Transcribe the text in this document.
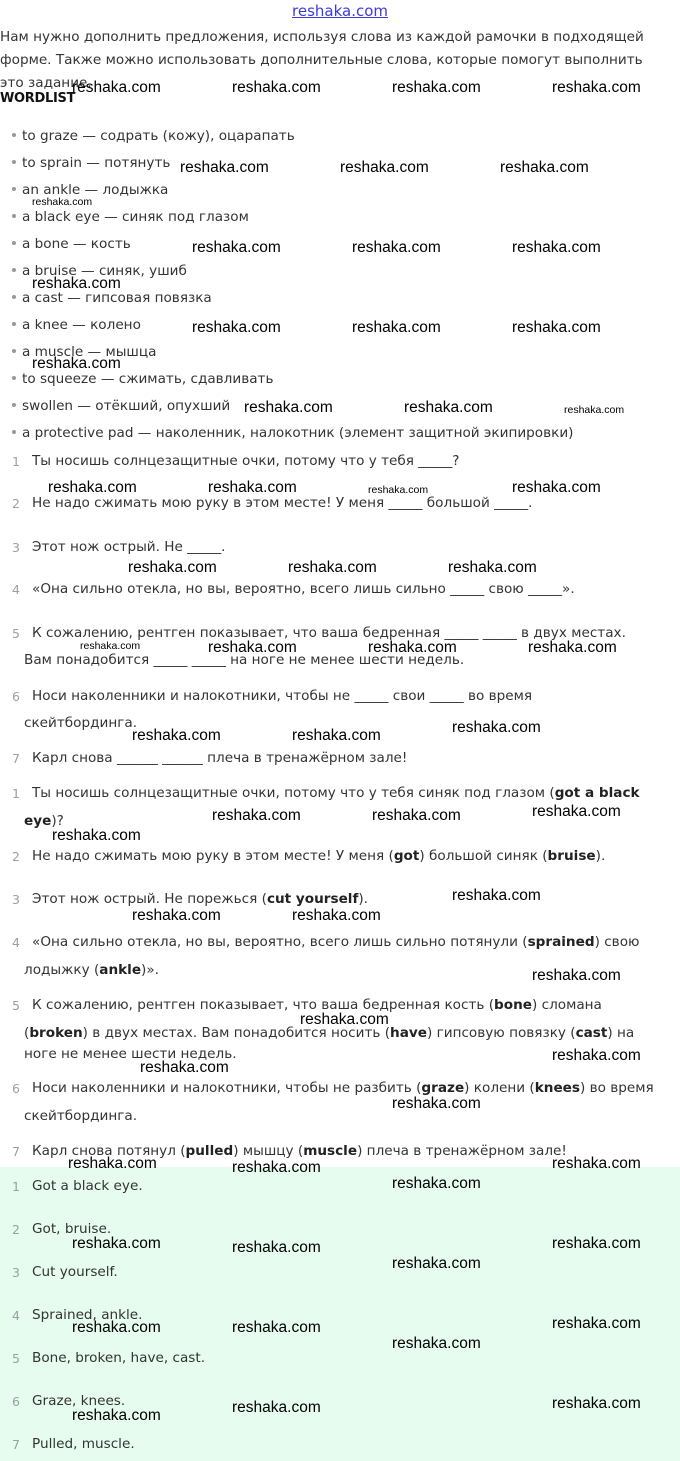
reshaka.com

Нам нужно дополнить предложения, используя слова из каждой рамочки в подходящей

форме. Также можно использовать дополнительные слова, которые помогут выполнить

это задание.

WORDLIST
to graze — содрать (кожу), оцарапать
to sprain — потянуть
an ankle — лодыжка
a black eye — синяк под глазом
a bone — кость
a bruise — синяк, ушиб
a cast — гипсовая повязка
a knee — колено
a muscle — мышца
to squeeze — сжимать, сдавливать
swollen — отёкший, опухший
a protective pad — наколенник, налокотник (элемент защитной экипировки)
1 Ты носишь солнцезащитные очки, потому что у тебя _____?
2 Не надо сжимать мою руку в этом месте! У меня _____ большой _____.
3 Этот нож острый. Не _____.
4 «Она сильно отекла, но вы, вероятно, всего лишь сильно _____ свою _____».
5 К сожалению, рентген показывает, что ваша бедренная _____ _____ в двух местах.
Вам понадобится _____ _____ на ноге не менее шести недель.
6 Носи наколенники и налокотники, чтобы не _____ свои _____ во время
скейтбординга.
7 Карл снова ______ ______ плеча в тренажёрном зале!
1 Ты носишь солнцезащитные очки, потому что у тебя синяк под глазом (got a black
eye)?
2 Не надо сжимать мою руку в этом месте! У меня (got) большой синяк (bruise).
3 Этот нож острый. Не порежься (cut yourself).
4 «Она сильно отекла, но вы, вероятно, всего лишь сильно потянули (sprained) свою
лодыжку (ankle)».
5 К сожалению, рентген показывает, что ваша бедренная кость (bone) сломана
(broken) в двух местах. Вам понадобится носить (have) гипсовую повязку (cast) на
ноге не менее шести недель.
6 Носи наколенники и налокотники, чтобы не разбить (graze) колени (knees) во время
скейтбординга.
7 Карл снова потянул (pulled) мышцу (muscle) плеча в тренажёрном зале!
1 Got a black eye.
2 Got, bruise.
3 Cut yourself.
4 Sprained, ankle.
5 Bone, broken, have, cast.
6 Graze, knees.
7 Pulled, muscle.
reshaka.com	reshaka.com	reshaka.com	reshaka.com
reshaka.com	reshaka.com	reshaka.com
reshaka.com
reshaka.com	reshaka.com	reshaka.com
reshaka.com
reshaka.com	reshaka.com	reshaka.com
reshaka.com
reshaka.com	reshaka.com	reshaka.com
reshaka.com	reshaka.com	reshaka.com	reshaka.com
reshaka.com	reshaka.com	reshaka.com
reshaka.com	reshaka.com	reshaka.com	reshaka.com
reshaka.com
reshaka.com	reshaka.com
reshaka.com
reshaka.com	reshaka.com
reshaka.com
reshaka.com
reshaka.com	reshaka.com
reshaka.com
reshaka.com
reshaka.com
reshaka.com
reshaka.com
reshaka.com	reshaka.com	reshaka.com
reshaka.com
reshaka.com	reshaka.com	reshaka.com
reshaka.com
reshaka.com	reshaka.com	reshaka.com
reshaka.com
reshaka.com
reshaka.com
reshaka.com
